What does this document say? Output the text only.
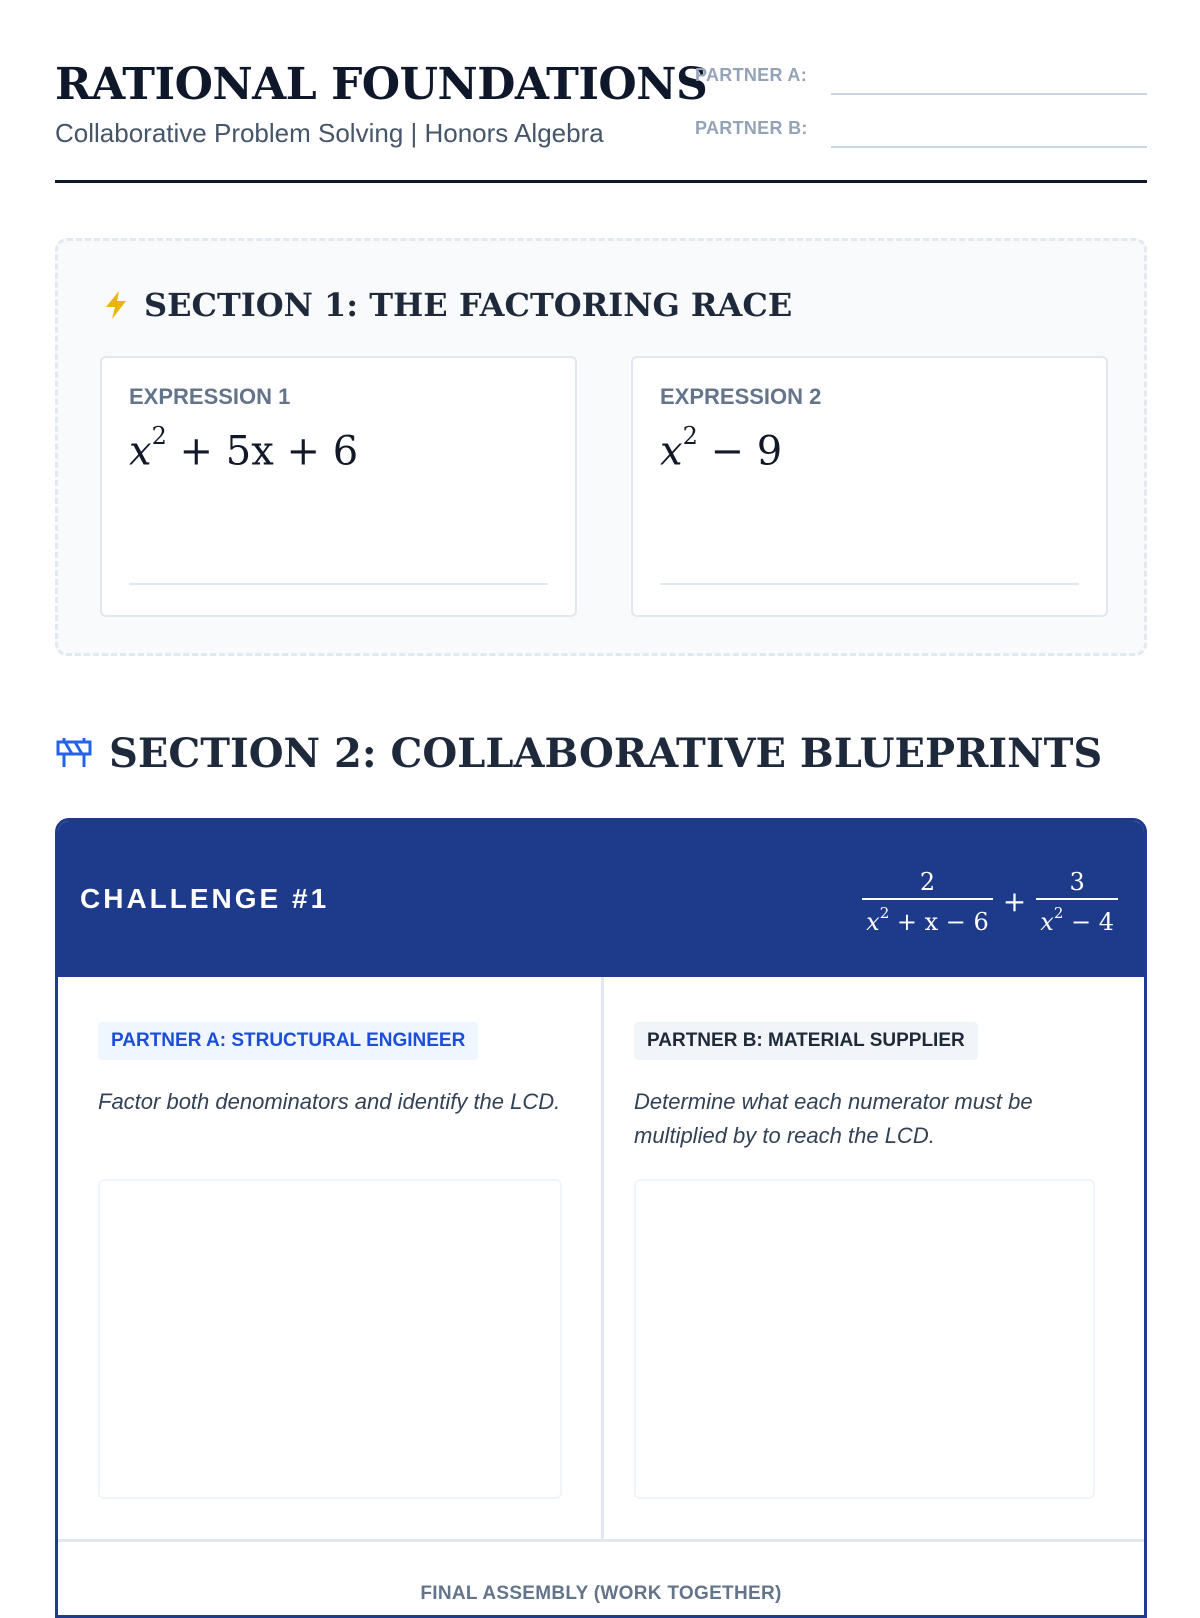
RATIONAL FOUNDATIONS
Collaborative Problem Solving | Honors Algebra
PARTNER A:
PARTNER B:
SECTION 1: THE FACTORING RACE
EXPRESSION 1
$x^2 + 5x + 6$
EXPRESSION 2
$x^2 - 9$
SECTION 2: COLLABORATIVE BLUEPRINTS
CHALLENGE #1	$\frac{2}{x^2 + x - 6} + \frac{3}{x^2 - 4}$
PARTNER A: STRUCTURAL ENGINEER
Factor both denominators and identify the LCD.
PARTNER B: MATERIAL SUPPLIER
Determine what each numerator must be multiplied by to reach the LCD.
FINAL ASSEMBLY (WORK TOGETHER)
